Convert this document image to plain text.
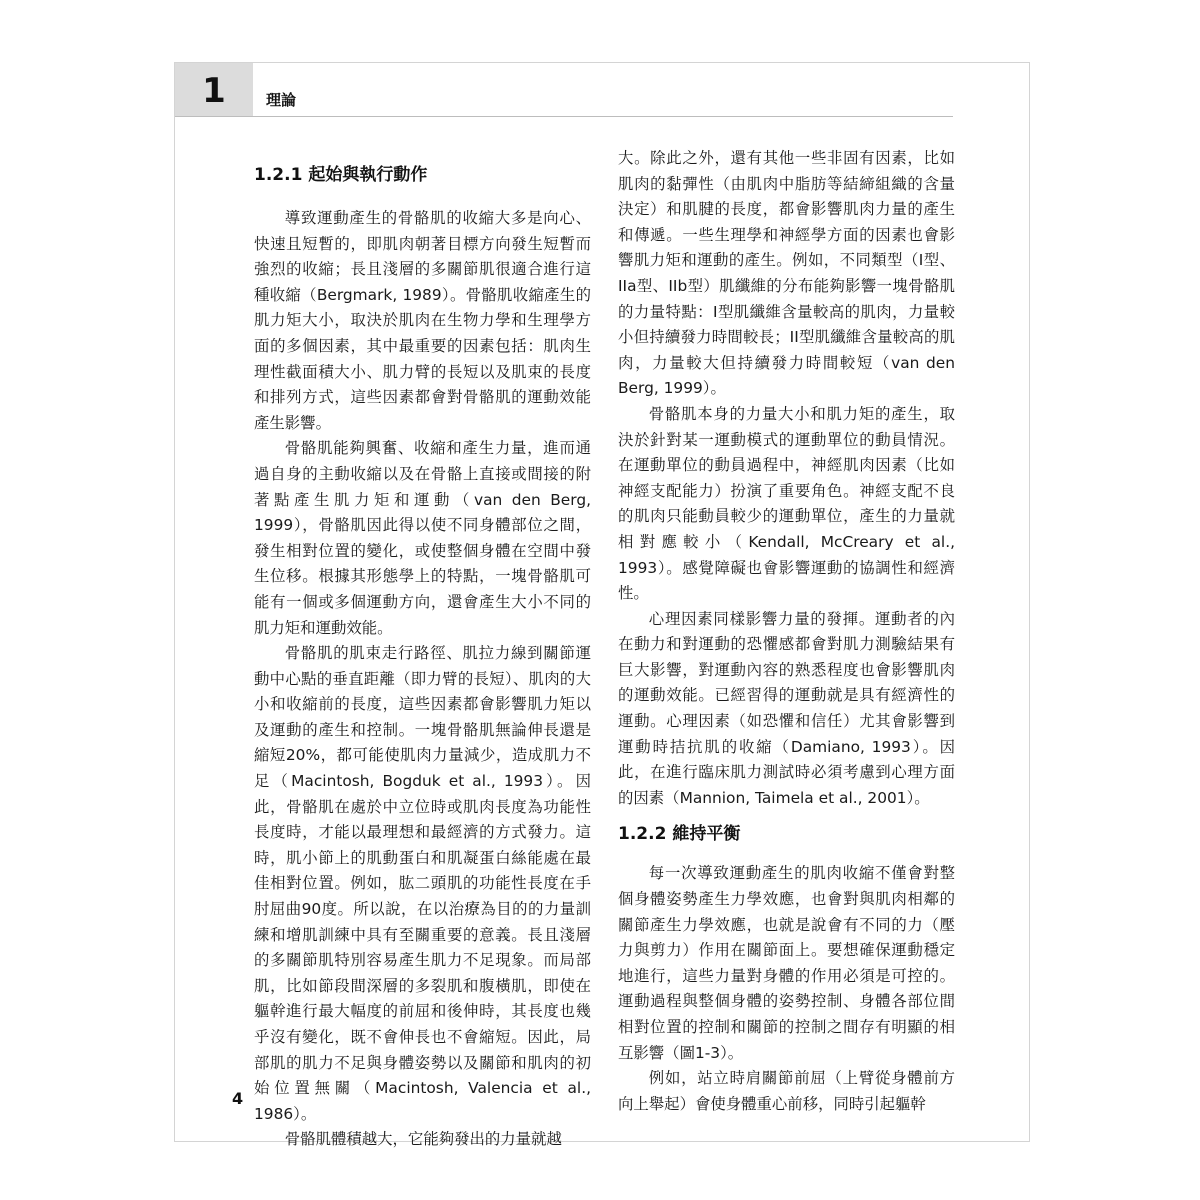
1	理論
1.2.1 起始與執行動作

導致運動產生的骨骼肌的收縮大多是向心、快速且短暫的，即肌肉朝著目標方向發生短暫而強烈的收縮；長且淺層的多關節肌很適合進行這種收縮（Bergmark, 1989）。骨骼肌收縮產生的肌力矩大小，取決於肌肉在生物力學和生理學方面的多個因素，其中最重要的因素包括：肌肉生理性截面積大小、肌力臂的長短以及肌束的長度和排列方式，這些因素都會對骨骼肌的運動效能產生影響。

骨骼肌能夠興奮、收縮和產生力量，進而通過自身的主動收縮以及在骨骼上直接或間接的附著點產生肌力矩和運動（van den Berg, 1999），骨骼肌因此得以使不同身體部位之間，發生相對位置的變化，或使整個身體在空間中發生位移。根據其形態學上的特點，一塊骨骼肌可能有一個或多個運動方向，還會產生大小不同的肌力矩和運動效能。

骨骼肌的肌束走行路徑、肌拉力線到關節運動中心點的垂直距離（即力臂的長短）、肌肉的大小和收縮前的長度，這些因素都會影響肌力矩以及運動的產生和控制。一塊骨骼肌無論伸長還是縮短20%，都可能使肌肉力量減少，造成肌力不足（Macintosh, Bogduk et al., 1993）。因此，骨骼肌在處於中立位時或肌肉長度為功能性長度時，才能以最理想和最經濟的方式發力。這時，肌小節上的肌動蛋白和肌凝蛋白絲能處在最佳相對位置。例如，肱二頭肌的功能性長度在手肘屈曲90度。所以說，在以治療為目的的力量訓練和增肌訓練中具有至關重要的意義。長且淺層的多關節肌特別容易產生肌力不足現象。而局部肌，比如節段間深層的多裂肌和腹橫肌，即使在軀幹進行最大幅度的前屈和後伸時，其長度也幾乎沒有變化，既不會伸長也不會縮短。因此，局部肌的肌力不足與身體姿勢以及關節和肌肉的初始位置無關（Macintosh, Valencia et al., 1986）。

骨骼肌體積越大，它能夠發出的力量就越

大。除此之外，還有其他一些非固有因素，比如肌肉的黏彈性（由肌肉中脂肪等結締組織的含量決定）和肌腱的長度，都會影響肌肉力量的產生和傳遞。一些生理學和神經學方面的因素也會影響肌力矩和運動的產生。例如，不同類型（I型、IIa型、IIb型）肌纖維的分布能夠影響一塊骨骼肌的力量特點：I型肌纖維含量較高的肌肉，力量較小但持續發力時間較長；II型肌纖維含量較高的肌肉，力量較大但持續發力時間較短（van den Berg, 1999）。

骨骼肌本身的力量大小和肌力矩的產生，取決於針對某一運動模式的運動單位的動員情況。在運動單位的動員過程中，神經肌肉因素（比如神經支配能力）扮演了重要角色。神經支配不良的肌肉只能動員較少的運動單位，產生的力量就相對應較小（Kendall, McCreary et al., 1993）。感覺障礙也會影響運動的協調性和經濟性。

心理因素同樣影響力量的發揮。運動者的內在動力和對運動的恐懼感都會對肌力測驗結果有巨大影響，對運動內容的熟悉程度也會影響肌肉的運動效能。已經習得的運動就是具有經濟性的運動。心理因素（如恐懼和信任）尤其會影響到運動時拮抗肌的收縮（Damiano, 1993）。因此，在進行臨床肌力測試時必須考慮到心理方面的因素（Mannion, Taimela et al., 2001）。

1.2.2 維持平衡

每一次導致運動產生的肌肉收縮不僅會對整個身體姿勢產生力學效應，也會對與肌肉相鄰的關節產生力學效應，也就是說會有不同的力（壓力與剪力）作用在關節面上。要想確保運動穩定地進行，這些力量對身體的作用必須是可控的。運動過程與整個身體的姿勢控制、身體各部位間相對位置的控制和關節的控制之間存有明顯的相互影響（圖1-3）。

例如，站立時肩關節前屈（上臂從身體前方向上舉起）會使身體重心前移，同時引起軀幹

4
